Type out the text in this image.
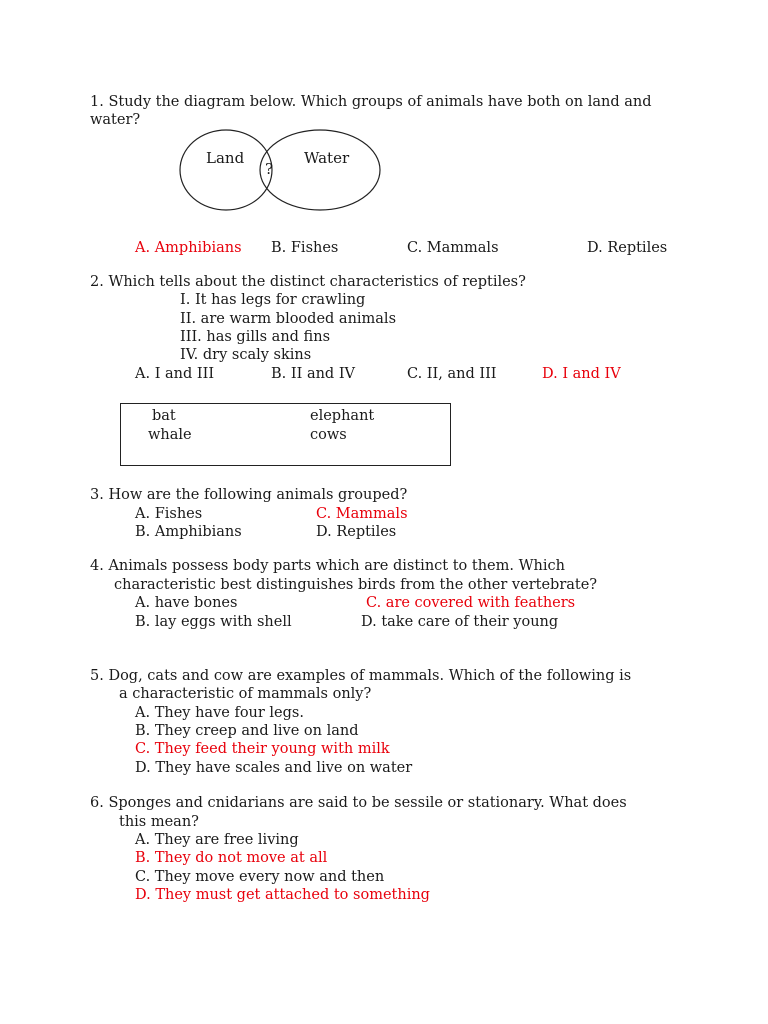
1. Study the diagram below. Which groups of animals have both on land and
water?
Land	Water
?
A. Amphibians B. Fishes	C. Mammals	D. Reptiles
2. Which tells about the distinct characteristics of reptiles?
I. It has legs for crawling
II. are warm blooded animals
III. has gills and fins
IV. dry scaly skins
A. I and III	B. II and IV	C. II, and III	D. I and IV
bat	elephant
whale	cows
3. How are the following animals grouped?
A. Fishes	C. Mammals
B. Amphibians	D. Reptiles
4. Animals possess body parts which are distinct to them. Which
characteristic best distinguishes birds from the other vertebrate?
A. have bones	C. are covered with feathers
B. lay eggs with shell	D. take care of their young
5. Dog, cats and cow are examples of mammals. Which of the following is
a characteristic of mammals only?
A. They have four legs.
B. They creep and live on land
C. They feed their young with milk
D. They have scales and live on water
6. Sponges and cnidarians are said to be sessile or stationary. What does
this mean?
A. They are free living
B. They do not move at all
C. They move every now and then
D. They must get attached to something
